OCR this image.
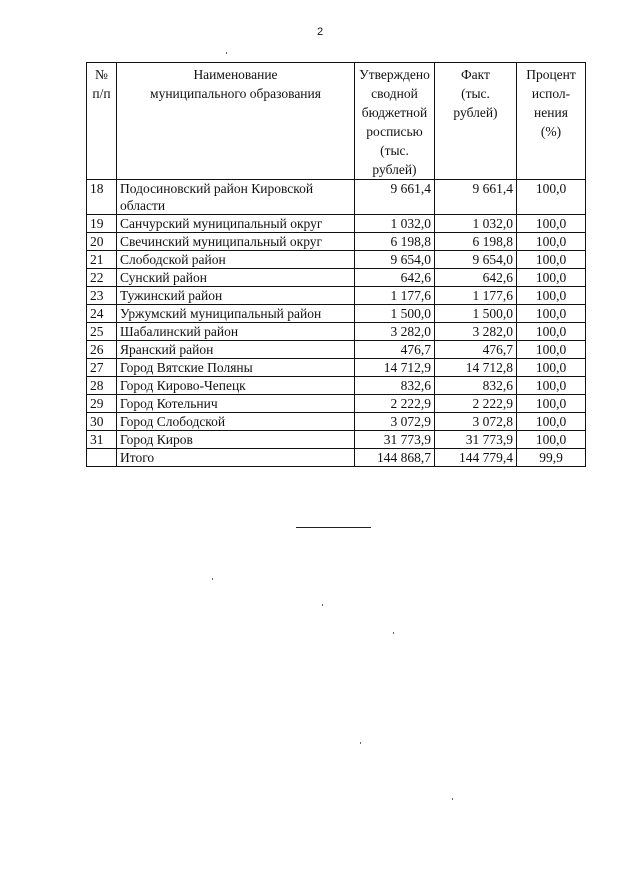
2
№ п/п	Наименование муниципального образования	Утверждено сводной бюджетной росписью (тыс. рублей)	Факт (тыс. рублей)	Процент испол-нения (%)
18	Подосиновский район Кировской области	9 661,4	9 661,4	100,0
19	Санчурский муниципальный округ	1 032,0	1 032,0	100,0
20	Свечинский муниципальный округ	6 198,8	6 198,8	100,0
21	Слободской район	9 654,0	9 654,0	100,0
22	Сунский район	642,6	642,6	100,0
23	Тужинский район	1 177,6	1 177,6	100,0
24	Уржумский муниципальный район	1 500,0	1 500,0	100,0
25	Шабалинский район	3 282,0	3 282,0	100,0
26	Яранский район	476,7	476,7	100,0
27	Город Вятские Поляны	14 712,9	14 712,8	100,0
28	Город Кирово-Чепецк	832,6	832,6	100,0
29	Город Котельнич	2 222,9	2 222,9	100,0
30	Город Слободской	3 072,9	3 072,8	100,0
31	Город Киров	31 773,9	31 773,9	100,0
	Итого	144 868,7	144 779,4	99,9
